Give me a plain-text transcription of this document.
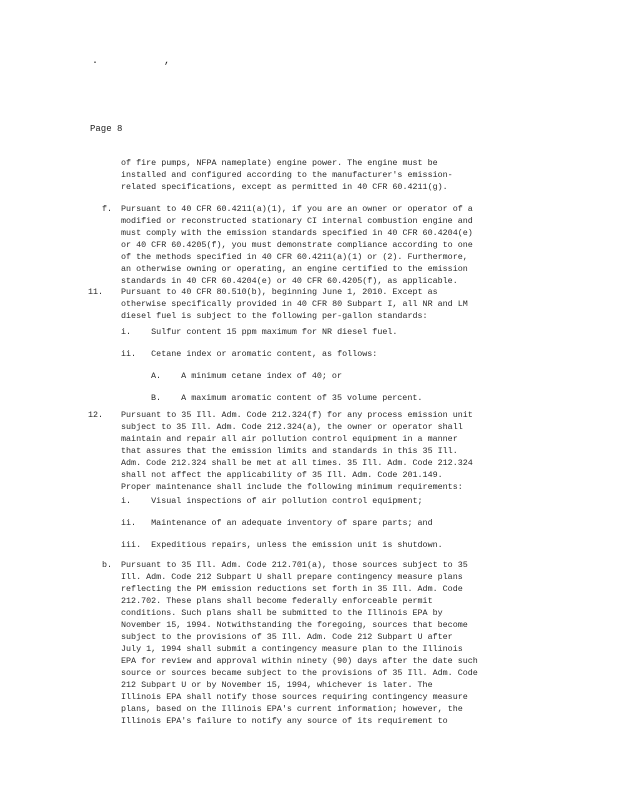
. ,
Page 8
of fire pumps, NFPA nameplate) engine power. The engine must be
installed and configured according to the manufacturer's emission-
related specifications, except as permitted in 40 CFR 60.4211(g).
f. Pursuant to 40 CFR 60.4211(a)(1), if you are an owner or operator of a
modified or reconstructed stationary CI internal combustion engine and
must comply with the emission standards specified in 40 CFR 60.4204(e)
or 40 CFR 60.4205(f), you must demonstrate compliance according to one
of the methods specified in 40 CFR 60.4211(a)(1) or (2). Furthermore,
an otherwise owning or operating, an engine certified to the emission
standards in 40 CFR 60.4204(e) or 40 CFR 60.4205(f), as applicable.
11. Pursuant to 40 CFR 80.510(b), beginning June 1, 2010. Except as
otherwise specifically provided in 40 CFR 80 Subpart I, all NR and LM
diesel fuel is subject to the following per-gallon standards:
i.    Sulfur content 15 ppm maximum for NR diesel fuel.
ii.   Cetane index or aromatic content, as follows:
A.    A minimum cetane index of 40; or
B.    A maximum aromatic content of 35 volume percent.
12. Pursuant to 35 Ill. Adm. Code 212.324(f) for any process emission unit
subject to 35 Ill. Adm. Code 212.324(a), the owner or operator shall
maintain and repair all air pollution control equipment in a manner
that assures that the emission limits and standards in this 35 Ill.
Adm. Code 212.324 shall be met at all times. 35 Ill. Adm. Code 212.324
shall not affect the applicability of 35 Ill. Adm. Code 201.149.
Proper maintenance shall include the following minimum requirements:
i.    Visual inspections of air pollution control equipment;
ii.   Maintenance of an adequate inventory of spare parts; and
iii.  Expeditious repairs, unless the emission unit is shutdown.
b. Pursuant to 35 Ill. Adm. Code 212.701(a), those sources subject to 35
Ill. Adm. Code 212 Subpart U shall prepare contingency measure plans
reflecting the PM emission reductions set forth in 35 Ill. Adm. Code
212.702. These plans shall become federally enforceable permit
conditions. Such plans shall be submitted to the Illinois EPA by
November 15, 1994. Notwithstanding the foregoing, sources that become
subject to the provisions of 35 Ill. Adm. Code 212 Subpart U after
July 1, 1994 shall submit a contingency measure plan to the Illinois
EPA for review and approval within ninety (90) days after the date such
source or sources became subject to the provisions of 35 Ill. Adm. Code
212 Subpart U or by November 15, 1994, whichever is later. The
Illinois EPA shall notify those sources requiring contingency measure
plans, based on the Illinois EPA's current information; however, the
Illinois EPA's failure to notify any source of its requirement to
